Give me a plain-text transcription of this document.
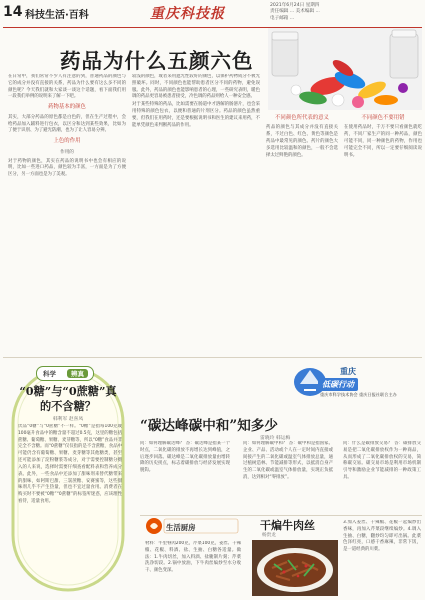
14 科技生活·百科	重庆科技报
2021年6月24日 星期四
责任编辑 ... 美术编辑 ...
电子邮箱 ...
药品为什么五颜六色

在日常中，我们常常不少人有注意的到，普通药品的颜色与它的成分并没有直接的关系，药品为什么要有这么多不同的颜色呢？今天我们就和大家谈一谈这个话题，看下面我们用一段我们举例的说明来了解一下吧。

药物基本的颜色

其实，大部分药品的原色都是白色的，但在生产过程中，会给药品加入辅料进行包衣，以区分和达到某些效果，比如为了便于识别、为了避光防潮，也为了让人容易分辨。

上色的作用
作用的

对于药物的颜色，其实在药品的说明书中也会有相应的说明，比如一些进口药品，颜色较为丰富，一方面是为了方便区分，另一方面也是为了美观。

较浅的颜色，或者采用遮光性较好的颜色，以保护药物成分不被光照破坏。同时，不同颜色也能帮助患者区分不同的药物，避免误服。此外，药品的颜色也能影响患者的心理，一些研究表明，暖色调的药品更容易被患者接受，冷色调的药品则给人一种安全感。

对于某些特殊的药品，比如需要在肠道中才溶解的肠溶片，也会采用特殊的颜色包衣，以便和普通的片剂区分。药品的颜色虽然重要，但我们在用药时，还是要根据说明书和医生的建议来用药，不能单凭颜色来判断药品的作用。

不同颜色所代表的意义

药品的颜色与其成分并没有直接关系，不过白色、红色、黄色等颜色是药品中最常见的颜色。药片的颜色大多选用比较温和的颜色，一般不会选择太过鲜艳的颜色。

不同颜色不要用错

在使用药品时，千万不要只看颜色就吃药，不同厂家生产的同一种药品，颜色可能不同，同一种颜色的药物，作用也可能完全不同，所以一定要仔细阅读说明书。

科学	辨真
“0糖”与“0蔗糖”真的不含糖？
韩利军 赵喜凤
饮品“0糖”与“0蔗糖”不一样。“0糖”是指每100克或100毫升食品中的糖含量不超过0.5克，这里的糖包括蔗糖、葡萄糖、果糖、麦芽糖等，所以“0糖”食品并非完全不含糖。而“0蔗糖”仅仅指的是不含蔗糖，食品中可能仍含有葡萄糖、果糖、麦芽糖等其他糖类，甚至还可能添加了淀粉糖浆等成分，对于需要控制糖分摄入的人来说，选择时需要仔细查看配料表和营养成分表。此外，一些食品中还添加了甜味剂来替代糖带来的甜味，如阿斯巴甜、三氯蔗糖、安赛蜜等，这些甜味剂几乎不产生热量，但也不宜过量食用。消费者在购买时不要被“0糖”“0蔗糖”的标签所迷惑，应该理性看待，适量食用。
重庆
低碳行动
重庆市科学技术协会 重庆日报社联合主办
“碳达峰碳中和”知多少
雷晓玲 韩运梅
问：如何理解碳达峰？ 答：碳达峰是指某一个时点，二氧化碳的排放不再增长达到峰值，之后逐步回落。碳达峰是二氧化碳排放量由增转降的历史拐点，标志着碳排放与经济发展实现脱钩。
问：如何理解碳中和？ 答：碳中和是指国家、企业、产品、活动或个人在一定时间内直接或间接产生的二氧化碳或温室气体排放总量，通过植树造林、节能减排等形式，以抵消自身产生的二氧化碳或温室气体排放量，实现正负抵消，达到相对“零排放”。
问：什么是碳排放交易？ 答：碳排放交易是把二氧化碳排放权作为一种商品，从而形成了二氧化碳排放权的交易，简称碳交易。碳交易市场是利用市场机制引导和激励企业节能减排的一种政策工具。
生活厨房	干煸牛肉丝
杨贵龙
材料：牛里脊肉200克，芹菜100克，姜丝、干辣椒、花椒、料酒、盐、生抽、白糖各适量。做法：1.牛肉切丝，加入料酒、盐腌制片刻；芹菜洗净切段。2.锅中放油，下牛肉丝煸炒至水分收干、颜色变深。
3.加入姜丝、干辣椒、花椒一起煸炒出香味，再加入芹菜段继续煸炒。4.调入生抽、白糖，翻炒均匀即可出锅。此菜色泽红亮，口感干香麻辣，非常下饭，是一道经典的川菜。
